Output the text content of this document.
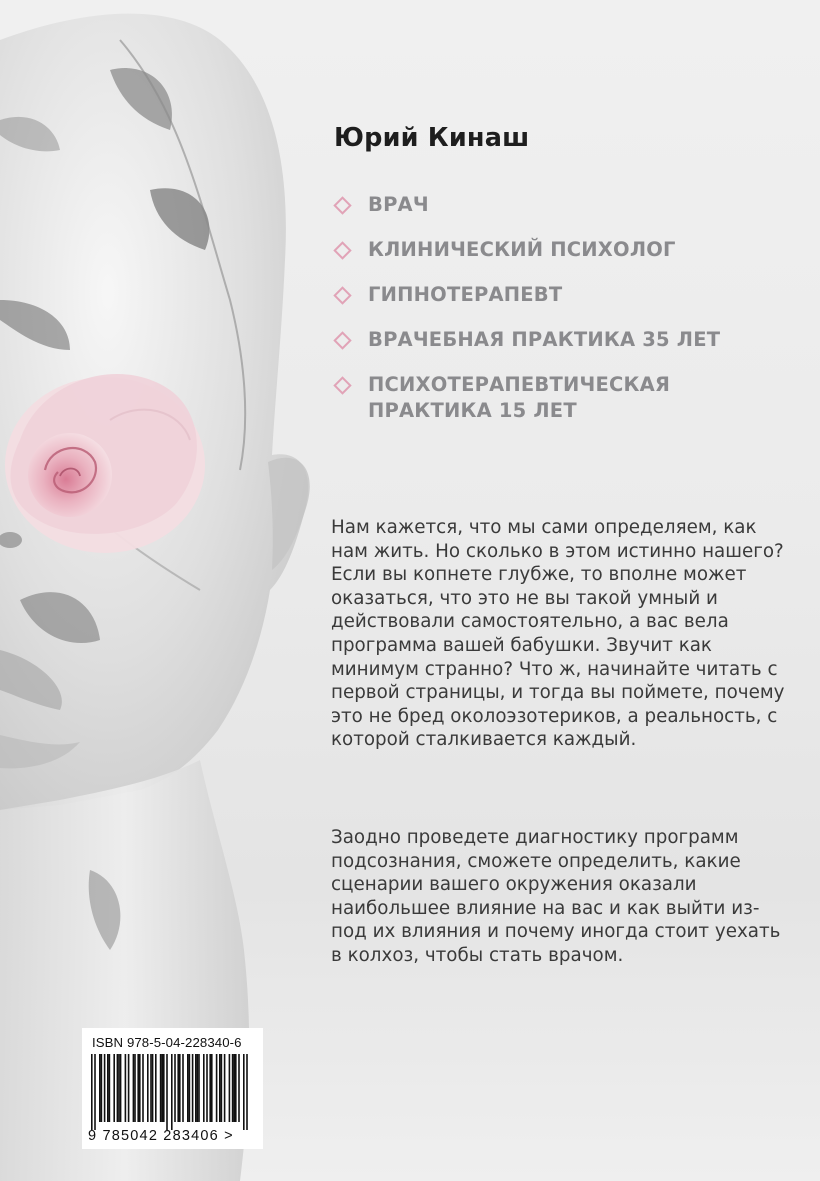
Юрий Кинаш
ВРАЧ
КЛИНИЧЕСКИЙ ПСИХОЛОГ
ГИПНОТЕРАПЕВТ
ВРАЧЕБНАЯ ПРАКТИКА 35 ЛЕТ
ПСИХОТЕРАПЕВТИЧЕСКАЯ
ПРАКТИКА 15 ЛЕТ

Нам кажется, что мы сами определяем, как нам жить. Но сколько в этом истинно нашего? Если вы копнете глубже, то вполне может оказаться, что это не вы такой умный и действовали самостоятельно, а вас вела программа вашей бабушки. Звучит как минимум странно? Что ж, начинайте читать с первой страницы, и тогда вы поймете, почему это не бред околоэзотериков, а реальность, с которой сталкивается каждый.

Заодно проведете диагностику программ подсознания, сможете определить, какие сценарии вашего окружения оказали наибольшее влияние на вас и как выйти из-под их влияния и почему иногда стоит уехать в колхоз, чтобы стать врачом.

ISBN 978-5-04-228340-6
9 785042 283406 >
